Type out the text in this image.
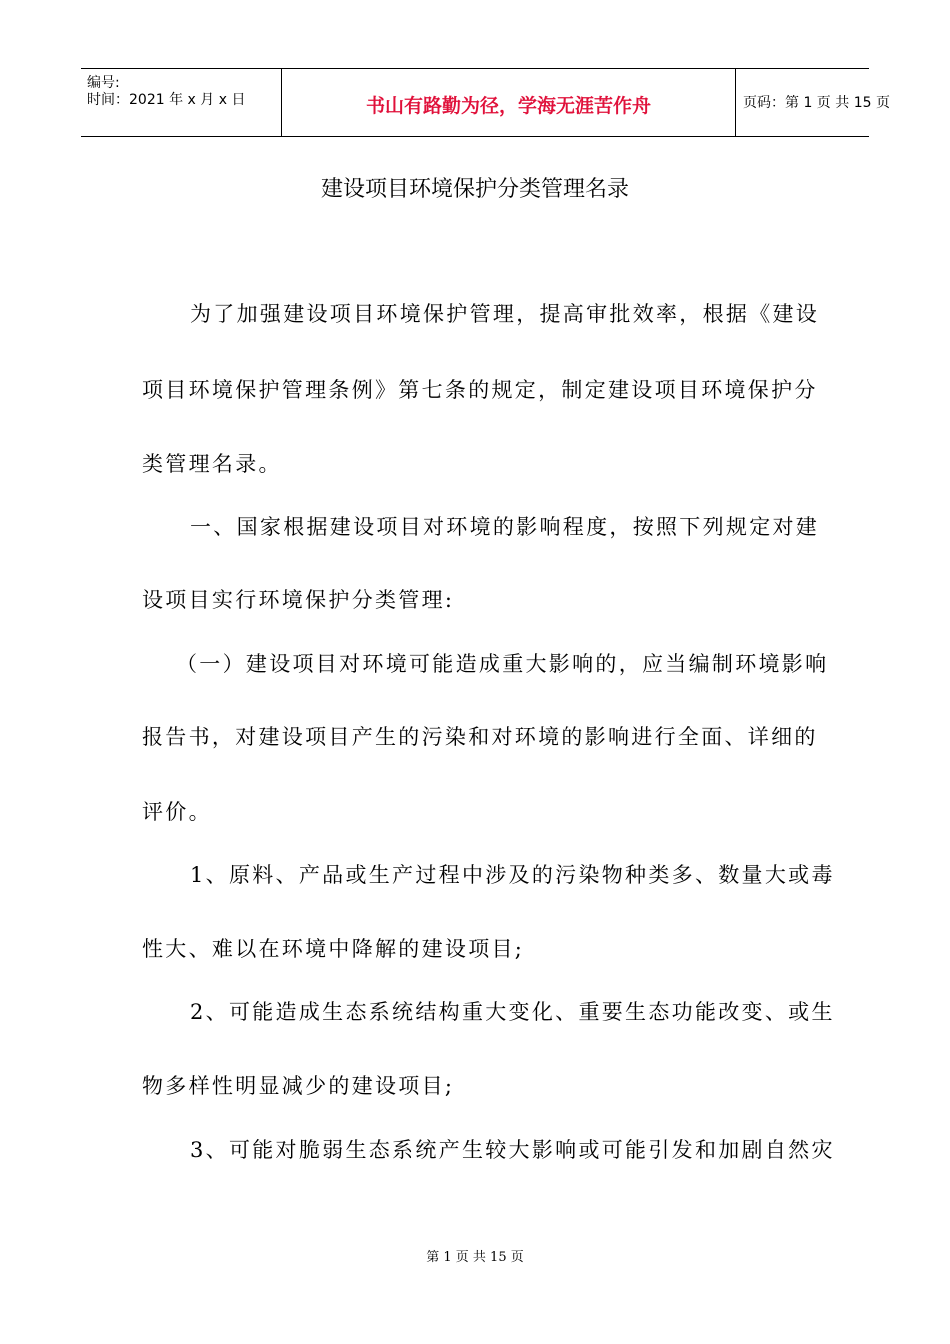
编号:
时间：2021 年 x 月 x 日	书山有路勤为径，学海无涯苦作舟	页码：第 1 页 共 15 页
建设项目环境保护分类管理名录
为了加强建设项目环境保护管理，提高审批效率，根据《建设
项目环境保护管理条例》第七条的规定，制定建设项目环境保护分
类管理名录。
一、国家根据建设项目对环境的影响程度，按照下列规定对建
设项目实行环境保护分类管理:
（一）建设项目对环境可能造成重大影响的，应当编制环境影响
报告书，对建设项目产生的污染和对环境的影响进行全面、详细的
评价。
1、原料、产品或生产过程中涉及的污染物种类多、数量大或毒
性大、难以在环境中降解的建设项目;
2、可能造成生态系统结构重大变化、重要生态功能改变、或生
物多样性明显减少的建设项目;
3、可能对脆弱生态系统产生较大影响或可能引发和加剧自然灾
第 1 页 共 15 页
